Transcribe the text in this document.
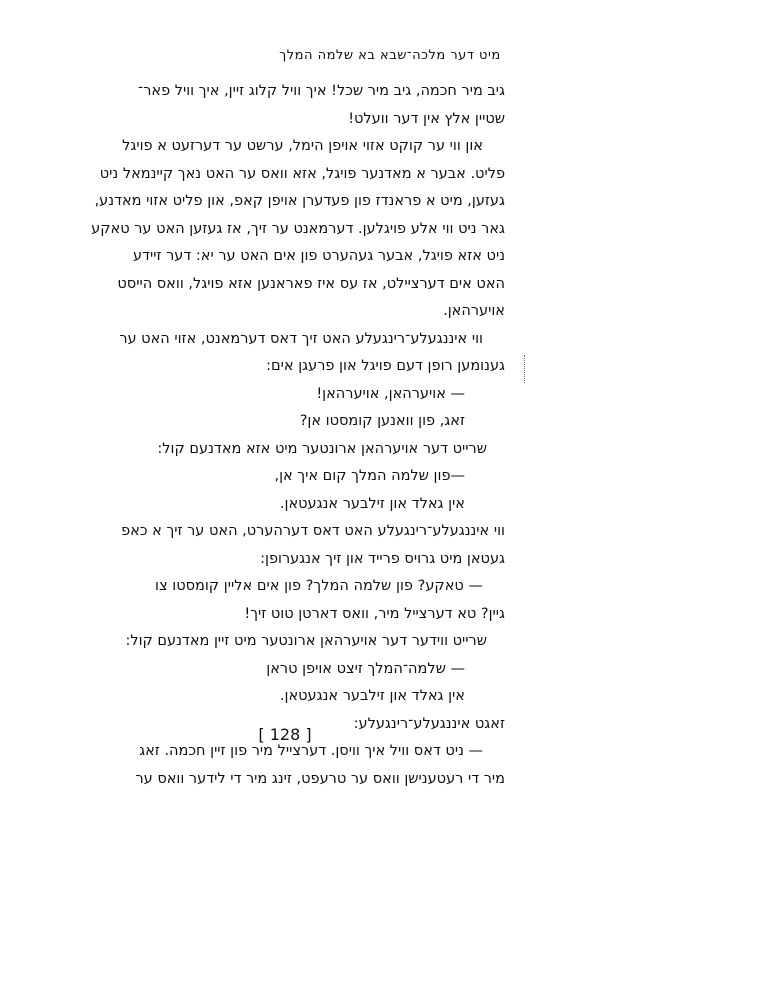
מיט דער מלכה־שבא בא שלמה המלך
גיב מיר חכמה, גיב מיר שכל! איך וויל קלוג זיין, איך וויל פאר־
שטיין אלץ אין דער וועלט!
און ווי ער קוקט אזוי אויפן הימל, ערשט ער דערזעט א פויגל
פליט. אבער א מאדנער פויגל, אזא וואס ער האט נאך קיינמאל ניט
געזען, מיט א פראנדז פון פעדערן אויפן קאפ, און פליט אזוי מאדנע,
גאר ניט ווי אלע פויגלען. דערמאנט ער זיך, אז געזען האט ער טאקע
ניט אזא פויגל, אבער געהערט פון אים האט ער יא: דער זיידע
האט אים דערציילט, אז עס איז פאראנען אזא פויגל, וואס הייסט
אויערהאן.
ווי איננגעלע־רינגעלע האט זיך דאס דערמאנט, אזוי האט ער
גענומען רופן דעם פויגל און פרעגן אים:
— אויערהאן, אויערהאן!
זאג, פון וואנען קומסטו אן?
שרייט דער אויערהאן ארונטער מיט אזא מאדנעם קול:
—פון שלמה המלך קום איך אן,
אין גאלד און זילבער אנגעטאן.
ווי איננגעלע־רינגעלע האט דאס דערהערט, האט ער זיך א כאפ
געטאן מיט גרויס פרייד און זיך אנגערופן:
— טאקע? פון שלמה המלך? פון אים אליין קומסטו צו
גיין? טא דערצייל מיר, וואס דארטן טוט זיך!
שרייט ווידער דער אויערהאן ארונטער מיט זיין מאדנעם קול:
— שלמה־המלך זיצט אויפן טראן
אין גאלד און זילבער אנגעטאן.
זאגט איננגעלע־רינגעלע:
— ניט דאס וויל איך וויסן. דערצייל מיר פון זיין חכמה. זאג
מיר די רעטענישן וואס ער טרעפט, זינג מיר די לידער וואס ער
[ 128 ]
